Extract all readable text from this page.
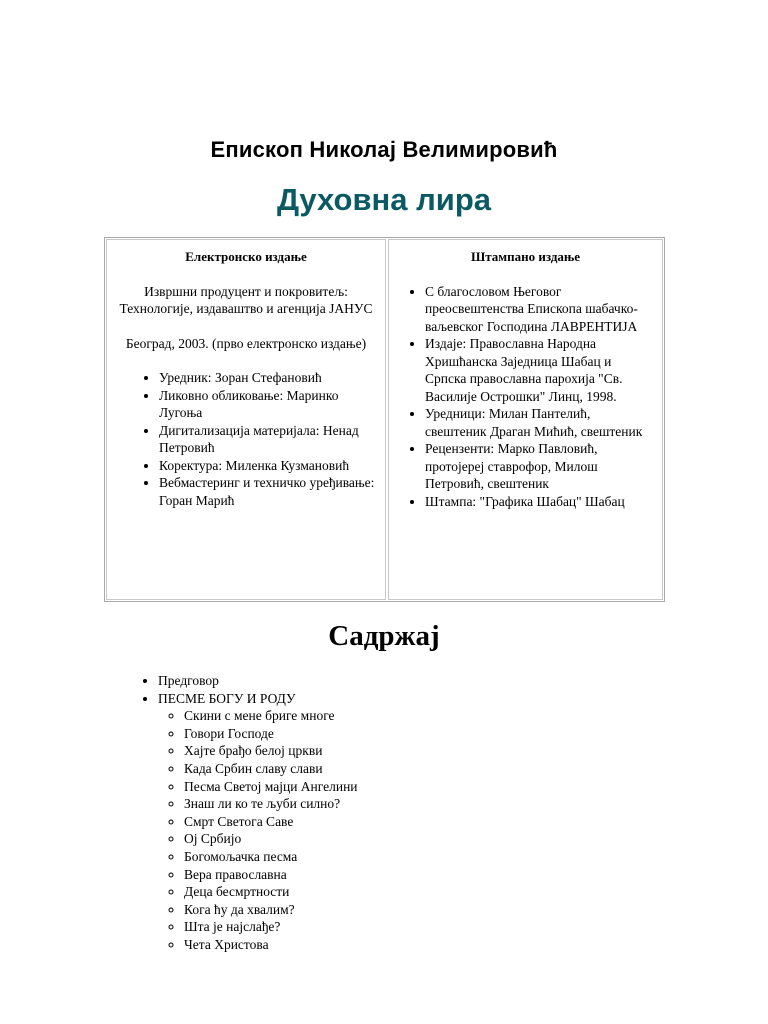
Епископ Николај Велимировић
Духовна лира
Електронско издање

Извршни продуцент и покровитељ: Технологије, издаваштво и агенција ЈАНУС

Београд, 2003. (прво електронско издање)

• Уредник: Зоран Стефановић
• Ликовно обликовање: Маринко Лугоња
• Дигитализација материјала: Ненад Петровић
• Коректура: Миленка Кузмановић
• Вебмастеринг и техничко уређивање: Горан Марић
Штампано издање
• С благословом Његовог преосвештенства Епископа шабачко-ваљевског Господина ЛАВРЕНТИЈА
• Издаје: Православна Народна Хришћанска Заједница Шабац и Српска православна парохија "Св. Василије Острошки" Линц, 1998.
• Уредници: Милан Пантелић, свештеник Драган Мићић, свештеник
• Рецензенти: Марко Павловић, протојереј ставрофор, Милош Петровић, свештеник
• Штампа: "Графика Шабац" Шабац
Садржај
• Предговор
• ПЕСМЕ БОГУ И РОДУ
◦ Скини с мене бриге многе
◦ Говори Господе
◦ Хајте брађо белој цркви
◦ Када Србин славу слави
◦ Песма Светој мајци Ангелини
◦ Знаш ли ко те љуби силно?
◦ Смрт Светога Саве
◦ Ој Србијо
◦ Богомољачка песма
◦ Вера православна
◦ Деца бесмртности
◦ Кога ћу да хвалим?
◦ Шта је најслађе?
◦ Чета Христова
